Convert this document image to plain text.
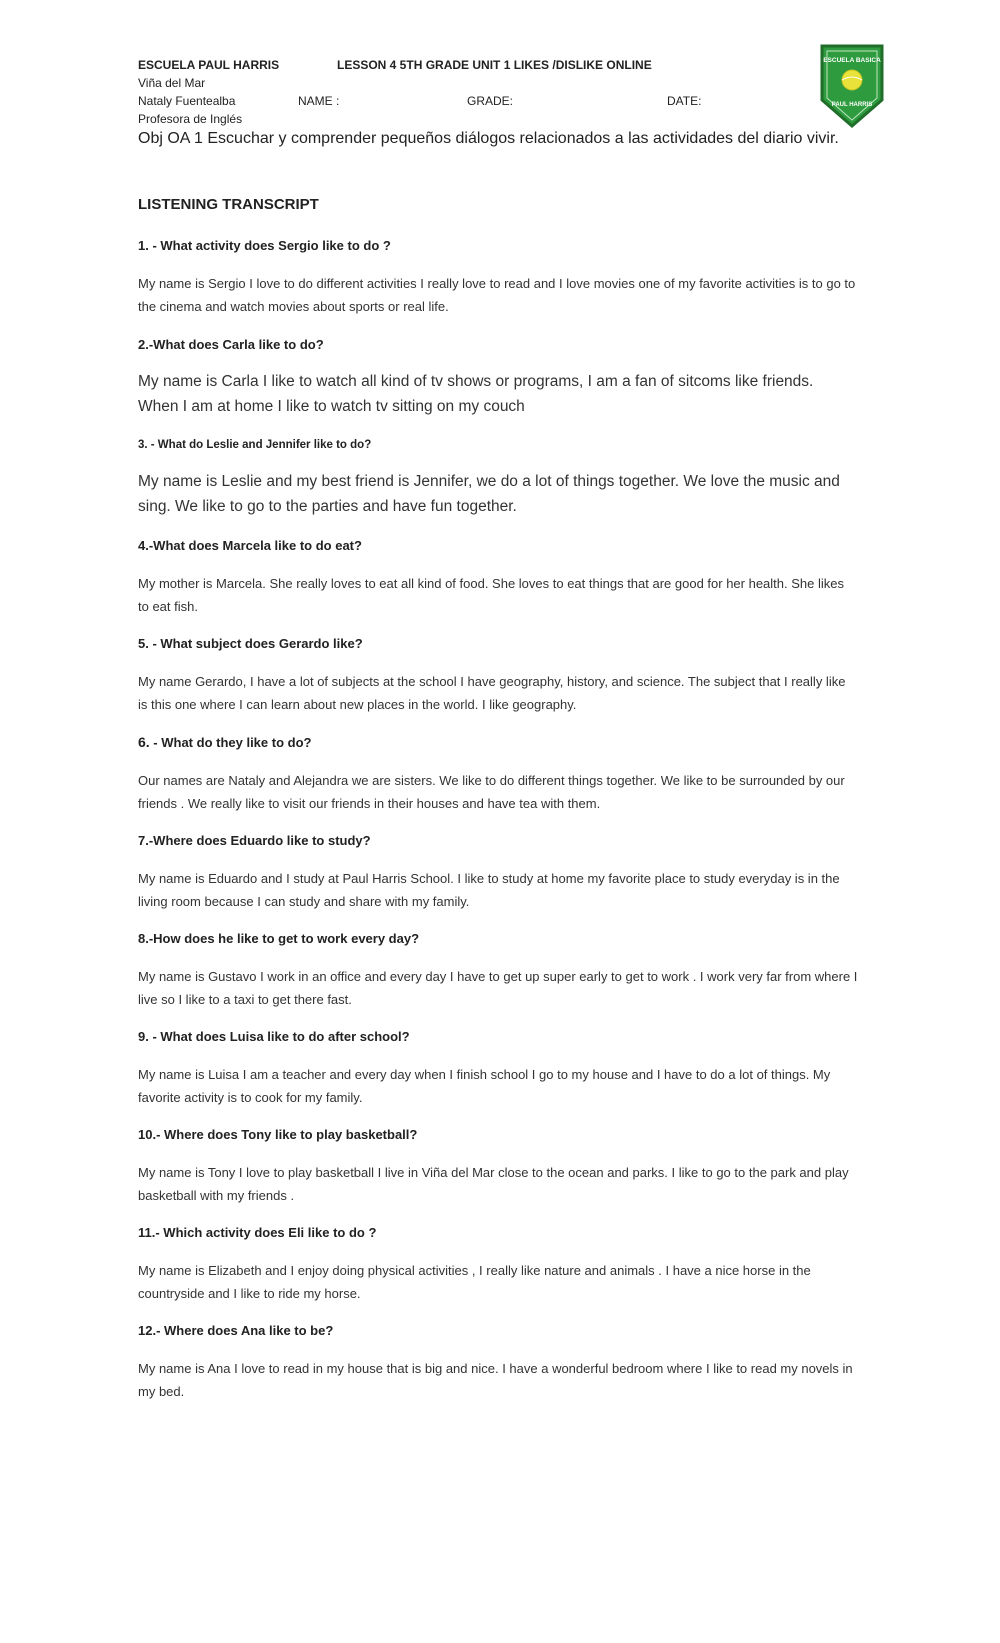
ESCUELA PAUL HARRIS	LESSON 4 5TH GRADE UNIT 1 LIKES /DISLIKE ONLINE
Viña del Mar
Nataly Fuentealba	NAME :	GRADE:	DATE:
Profesora de Inglés
ESCUELA BASICA
PAUL HARRIS
Obj OA 1 Escuchar y comprender pequeños diálogos relacionados a las actividades del diario vivir.
LISTENING TRANSCRIPT

1. - What activity does Sergio like to do ?

My name is Sergio I love to do different activities I really love to read and I love movies one of my favorite activities is to go to the cinema and watch movies about sports or real life.

2.-What does Carla like to do?

My name is Carla I like to watch all kind of tv shows or programs, I am a fan of sitcoms like friends. When I am at home I like to watch tv sitting on my couch

3. - What do Leslie and Jennifer like to do?

My name is Leslie and my best friend is Jennifer, we do a lot of things together. We love the music and sing. We like to go to the parties and have fun together.

4.-What does Marcela like to do eat?

My mother is Marcela. She really loves to eat all kind of food. She loves to eat things that are good for her health. She likes to eat fish.

5. - What subject does Gerardo like?

My name Gerardo, I have a lot of subjects at the school I have geography, history, and science. The subject that I really like is this one where I can learn about new places in the world. I like geography.

6. - What do they like to do?

Our names are Nataly and Alejandra we are sisters. We like to do different things together. We like to be surrounded by our friends . We really like to visit our friends in their houses and have tea with them.

7.-Where does Eduardo like to study?

My name is Eduardo and I study at Paul Harris School. I like to study at home my favorite place to study everyday is in the living room because I can study and share with my family.

8.-How does he like to get to work every day?

My name is Gustavo I work in an office and every day I have to get up super early to get to work . I work very far from where I live so I like to a taxi to get there fast.

9. - What does Luisa like to do after school?

My name is Luisa I am a teacher and every day when I finish school I go to my house and I have to do a lot of things. My favorite activity is to cook for my family.

10.- Where does Tony like to play basketball?

My name is Tony I love to play basketball I live in Viña del Mar close to the ocean and parks. I like to go to the park and play basketball with my friends .

11.- Which activity does Eli like to do ?

My name is Elizabeth and I enjoy doing physical activities , I really like nature and animals . I have a nice horse in the countryside and I like to ride my horse.

12.- Where does Ana like to be?

My name is Ana I love to read in my house that is big and nice. I have a wonderful bedroom where I like to read my novels in my bed.
